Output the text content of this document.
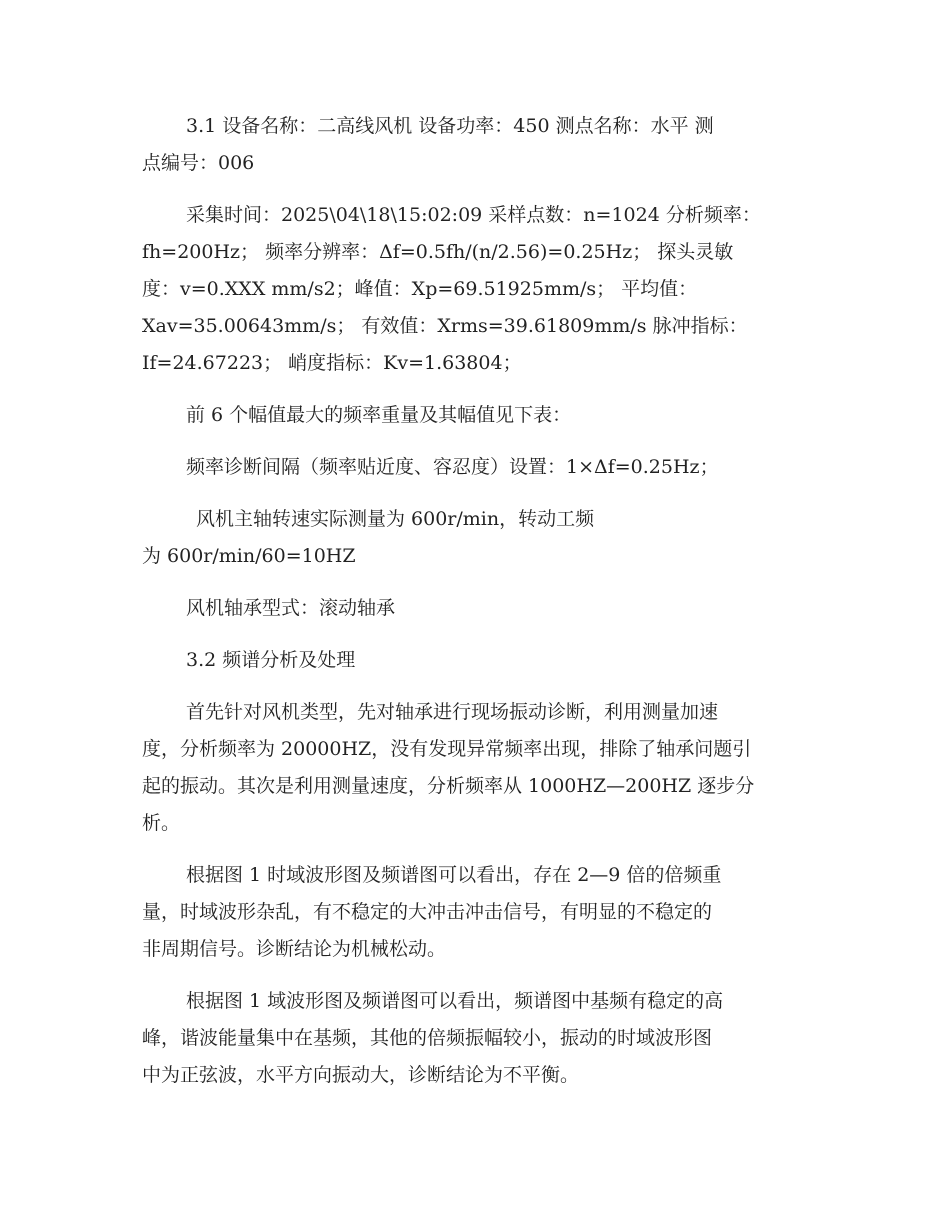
3.1 设备名称：二高线风机 设备功率：450 测点名称：水平 测
点编号：006
采集时间：2025\04\18\15:02:09 采样点数：n=1024 分析频率：
fh=200Hz； 频率分辨率：Δf=0.5fh/(n/2.56)=0.25Hz； 探头灵敏
度：v=0.XXX mm/s2；峰值：Xp=69.51925mm/s； 平均值：
Xav=35.00643mm/s； 有效值：Xrms=39.61809mm/s 脉冲指标：
If=24.67223； 峭度指标：Kv=1.63804；
前 6 个幅值最大的频率重量及其幅值见下表：
频率诊断间隔（频率贴近度、容忍度）设置：1×Δf=0.25Hz；
风机主轴转速实际测量为 600r/min，转动工频
为 600r/min/60=10HZ
风机轴承型式：滚动轴承
3.2 频谱分析及处理
首先针对风机类型，先对轴承进行现场振动诊断，利用测量加速
度，分析频率为 20000HZ，没有发现异常频率出现，排除了轴承问题引
起的振动。其次是利用测量速度，分析频率从 1000HZ—200HZ 逐步分
析。
根据图 1 时域波形图及频谱图可以看出，存在 2—9 倍的倍频重
量，时域波形杂乱，有不稳定的大冲击冲击信号，有明显的不稳定的
非周期信号。诊断结论为机械松动。
根据图 1 域波形图及频谱图可以看出，频谱图中基频有稳定的高
峰，谐波能量集中在基频，其他的倍频振幅较小，振动的时域波形图
中为正弦波，水平方向振动大，诊断结论为不平衡。
